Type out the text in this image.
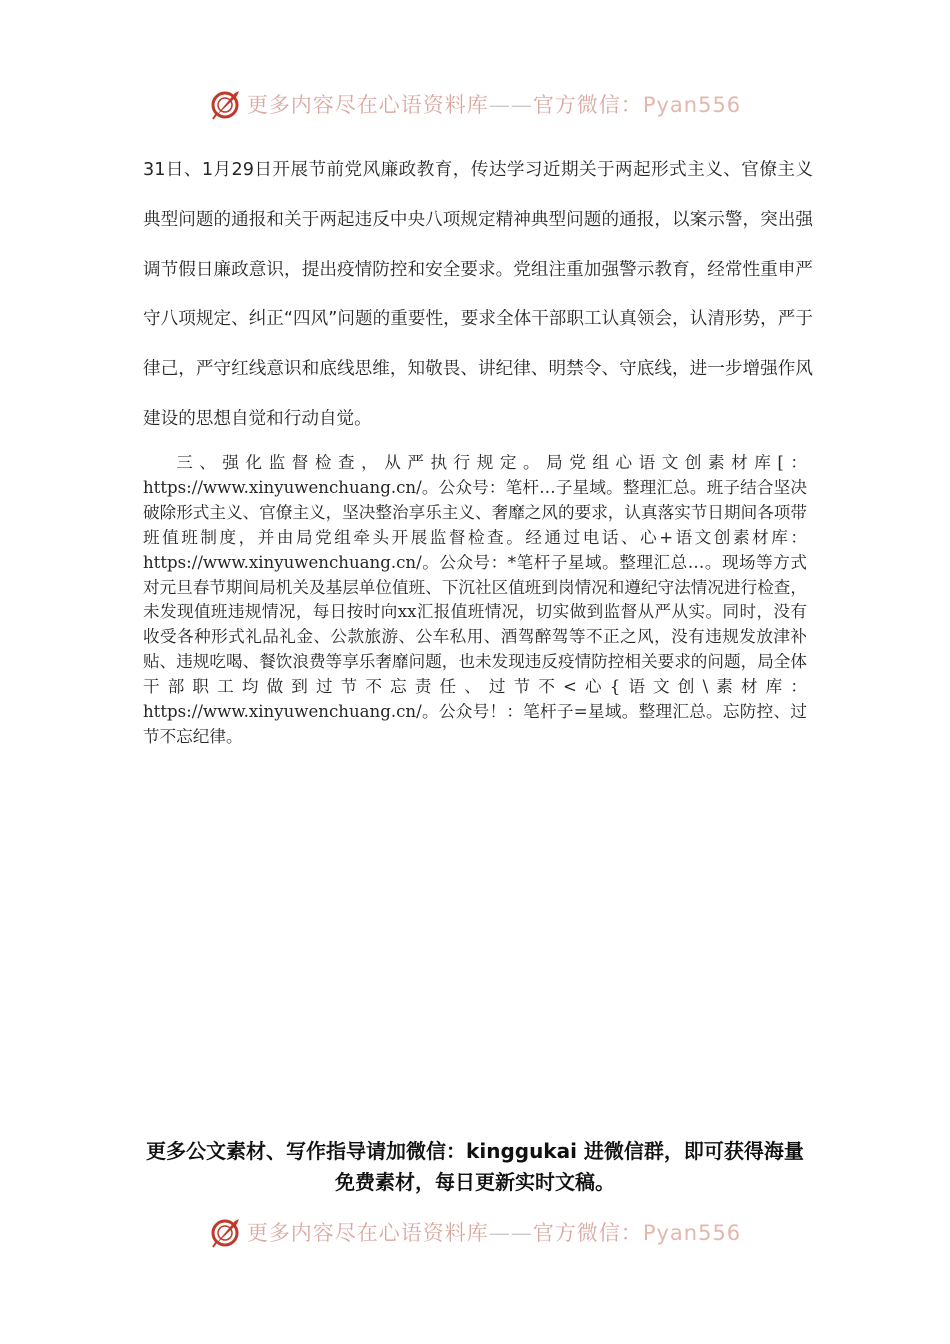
更多内容尽在心语资料库——官方微信：Pyan556

31日、1月29日开展节前党风廉政教育，传达学习近期关于两起形式主义、官僚主义典型问题的通报和关于两起违反中央八项规定精神典型问题的通报，以案示警，突出强调节假日廉政意识，提出疫情防控和安全要求。党组注重加强警示教育，经常性重申严守八项规定、纠正“四风”问题的重要性，要求全体干部职工认真领会，认清形势，严于律己，严守红线意识和底线思维，知敬畏、讲纪律、明禁令、守底线，进一步增强作风建设的思想自觉和行动自觉。

三、强化监督检查，从严执行规定。局党组心语文创素材库[：https://www.xinyuwenchuang.cn/。公众号：笔杆…子星域。整理汇总。班子结合坚决破除形式主义、官僚主义，坚决整治享乐主义、奢靡之风的要求，认真落实节日期间各项带班值班制度，并由局党组牵头开展监督检查。经通过电话、心+语文创素材库：https://www.xinyuwenchuang.cn/。公众号：*笔杆子星域。整理汇总…。现场等方式对元旦春节期间局机关及基层单位值班、下沉社区值班到岗情况和遵纪守法情况进行检查，未发现值班违规情况，每日按时向xx汇报值班情况，切实做到监督从严从实。同时，没有收受各种形式礼品礼金、公款旅游、公车私用、酒驾醉驾等不正之风，没有违规发放津补贴、违规吃喝、餐饮浪费等享乐奢靡问题，也未发现违反疫情防控相关要求的问题，局全体干部职工均做到过节不忘责任、过节不<心{语文创\素材库：https://www.xinyuwenchuang.cn/。公众号！：笔杆子=星域。整理汇总。忘防控、过节不忘纪律。

更多公文素材、写作指导请加微信：kinggukai 进微信群，即可获得海量免费素材，每日更新实时文稿。

更多内容尽在心语资料库——官方微信：Pyan556
